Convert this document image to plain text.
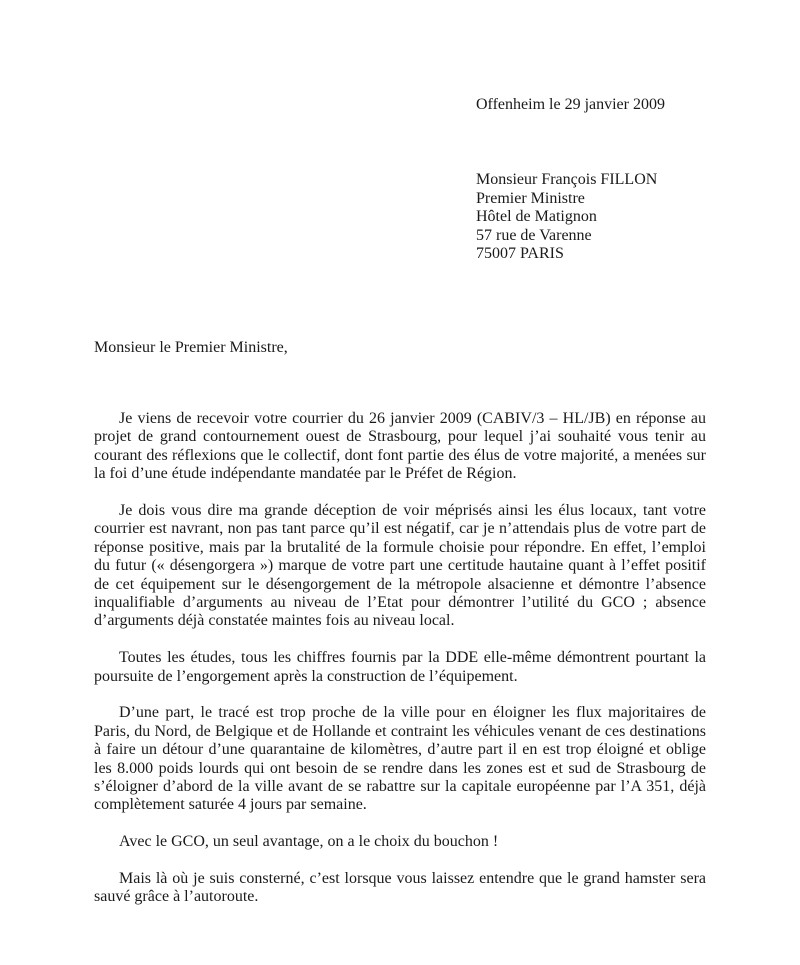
Offenheim le 29 janvier 2009
Monsieur François FILLON
Premier Ministre
Hôtel de Matignon
57 rue de Varenne
75007 PARIS
Monsieur le Premier Ministre,

Je viens de recevoir votre courrier du 26 janvier 2009 (CABIV/3 – HL/JB) en réponse au projet de grand contournement ouest de Strasbourg, pour lequel j’ai souhaité vous tenir au courant des réflexions que le collectif, dont font partie des élus de votre majorité, a menées sur la foi d’une étude indépendante mandatée par le Préfet de Région.

Je dois vous dire ma grande déception de voir méprisés ainsi les élus locaux, tant votre courrier est navrant, non pas tant parce qu’il est négatif, car je n’attendais plus de votre part de réponse positive, mais par la brutalité de la formule choisie pour répondre. En effet, l’emploi du futur (« désengorgera ») marque de votre part une certitude hautaine quant à l’effet positif de cet équipement sur le désengorgement de la métropole alsacienne et démontre l’absence inqualifiable d’arguments au niveau de l’Etat pour démontrer l’utilité du GCO ; absence d’arguments déjà constatée maintes fois au niveau local.

Toutes les études, tous les chiffres fournis par la DDE elle-même démontrent pourtant la poursuite de l’engorgement après la construction de l’équipement.

D’une part, le tracé est trop proche de la ville pour en éloigner les flux majoritaires de Paris, du Nord, de Belgique et de Hollande et contraint les véhicules venant de ces destinations à faire un détour d’une quarantaine de kilomètres, d’autre part il en est trop éloigné et oblige les 8.000 poids lourds qui ont besoin de se rendre dans les zones est et sud de Strasbourg de s’éloigner d’abord de la ville avant de se rabattre sur la capitale européenne par l’A 351, déjà complètement saturée 4 jours par semaine.

Avec le GCO, un seul avantage, on a le choix du bouchon !

Mais là où je suis consterné, c’est lorsque vous laissez entendre que le grand hamster sera sauvé grâce à l’autoroute.
